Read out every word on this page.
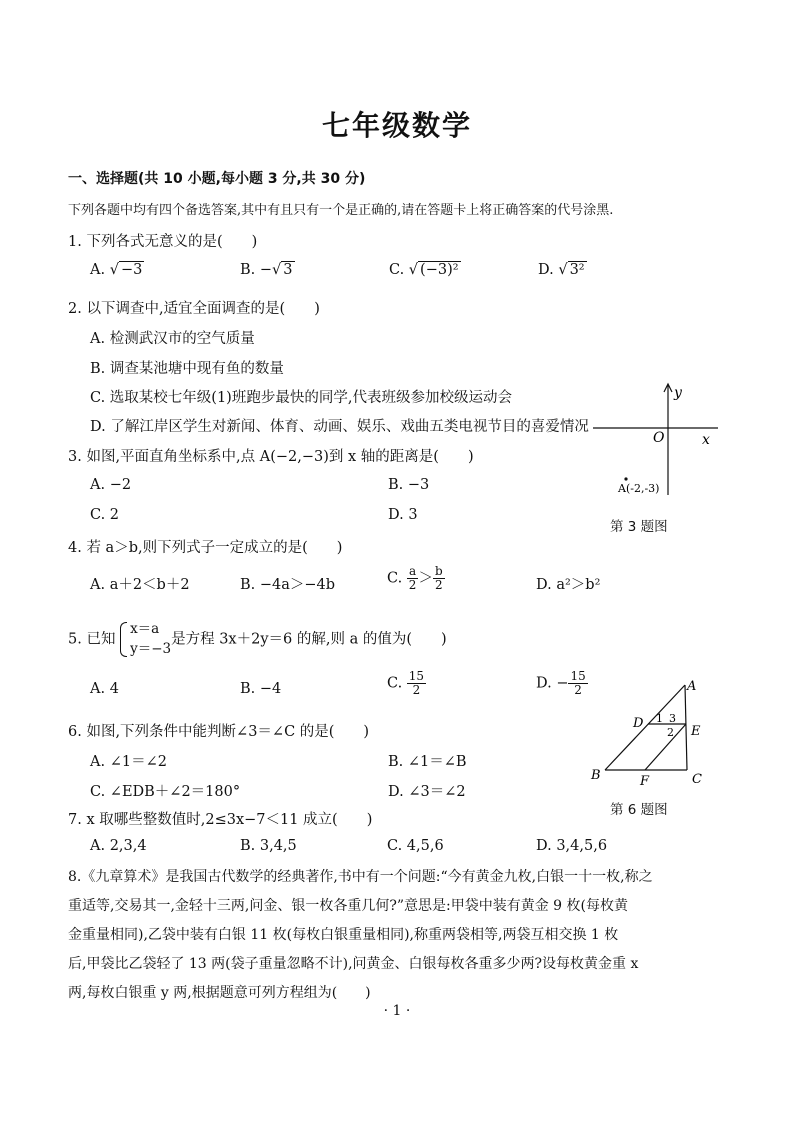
七年级数学
一、选择题(共 10 小题,每小题 3 分,共 30 分)
下列各题中均有四个备选答案,其中有且只有一个是正确的,请在答题卡上将正确答案的代号涂黑.
1. 下列各式无意义的是(　　)
A. √ −3	B. −√ 3	C. √ (−3)²	D. √ 3²
2. 以下调查中,适宜全面调查的是(　　)
A. 检测武汉市的空气质量
B. 调查某池塘中现有鱼的数量
C. 选取某校七年级(1)班跑步最快的同学,代表班级参加校级运动会
D. 了解江岸区学生对新闻、体育、动画、娱乐、戏曲五类电视节目的喜爱情况
3. 如图,平面直角坐标系中,点 A(−2,−3)到 x 轴的距离是(　　)
A. −2	B. −3
C. 2	D. 3
y
O	x
A(-2,-3)
第 3 题图
4. 若 a＞b,则下列式子一定成立的是(　　)
A. a＋2＜b＋2	B. −4a＞−4b	C. $\frac{a}{2} > \frac{b}{2}$	D. a²＞b²
5. 已知
x＝a
y＝−3
是方程 3x＋2y＝6 的解,则 a 的值为(　　)
A. 4	B. −4	C. $\frac{15}{2}$	D. − $\frac{15}{2}$
6. 如图,下列条件中能判断∠3＝∠C 的是(　　)
A. ∠1＝∠2	B. ∠1＝∠B
C. ∠EDB＋∠2＝180°	D. ∠3＝∠2
A
B	C
D
E
F
1 3
2
第 6 题图
7. x 取哪些整数值时,2≤3x−7＜11 成立(　　)
A. 2,3,4	B. 3,4,5	C. 4,5,6	D. 3,4,5,6
8.《九章算术》是我国古代数学的经典著作,书中有一个问题:“今有黄金九枚,白银一十一枚,称之
重适等,交易其一,金轻十三两,问金、银一枚各重几何?”意思是:甲袋中装有黄金 9 枚(每枚黄
金重量相同),乙袋中装有白银 11 枚(每枚白银重量相同),称重两袋相等,两袋互相交换 1 枚
后,甲袋比乙袋轻了 13 两(袋子重量忽略不计),问黄金、白银每枚各重多少两?设每枚黄金重 x
两,每枚白银重 y 两,根据题意可列方程组为(　　)
· 1 ·
